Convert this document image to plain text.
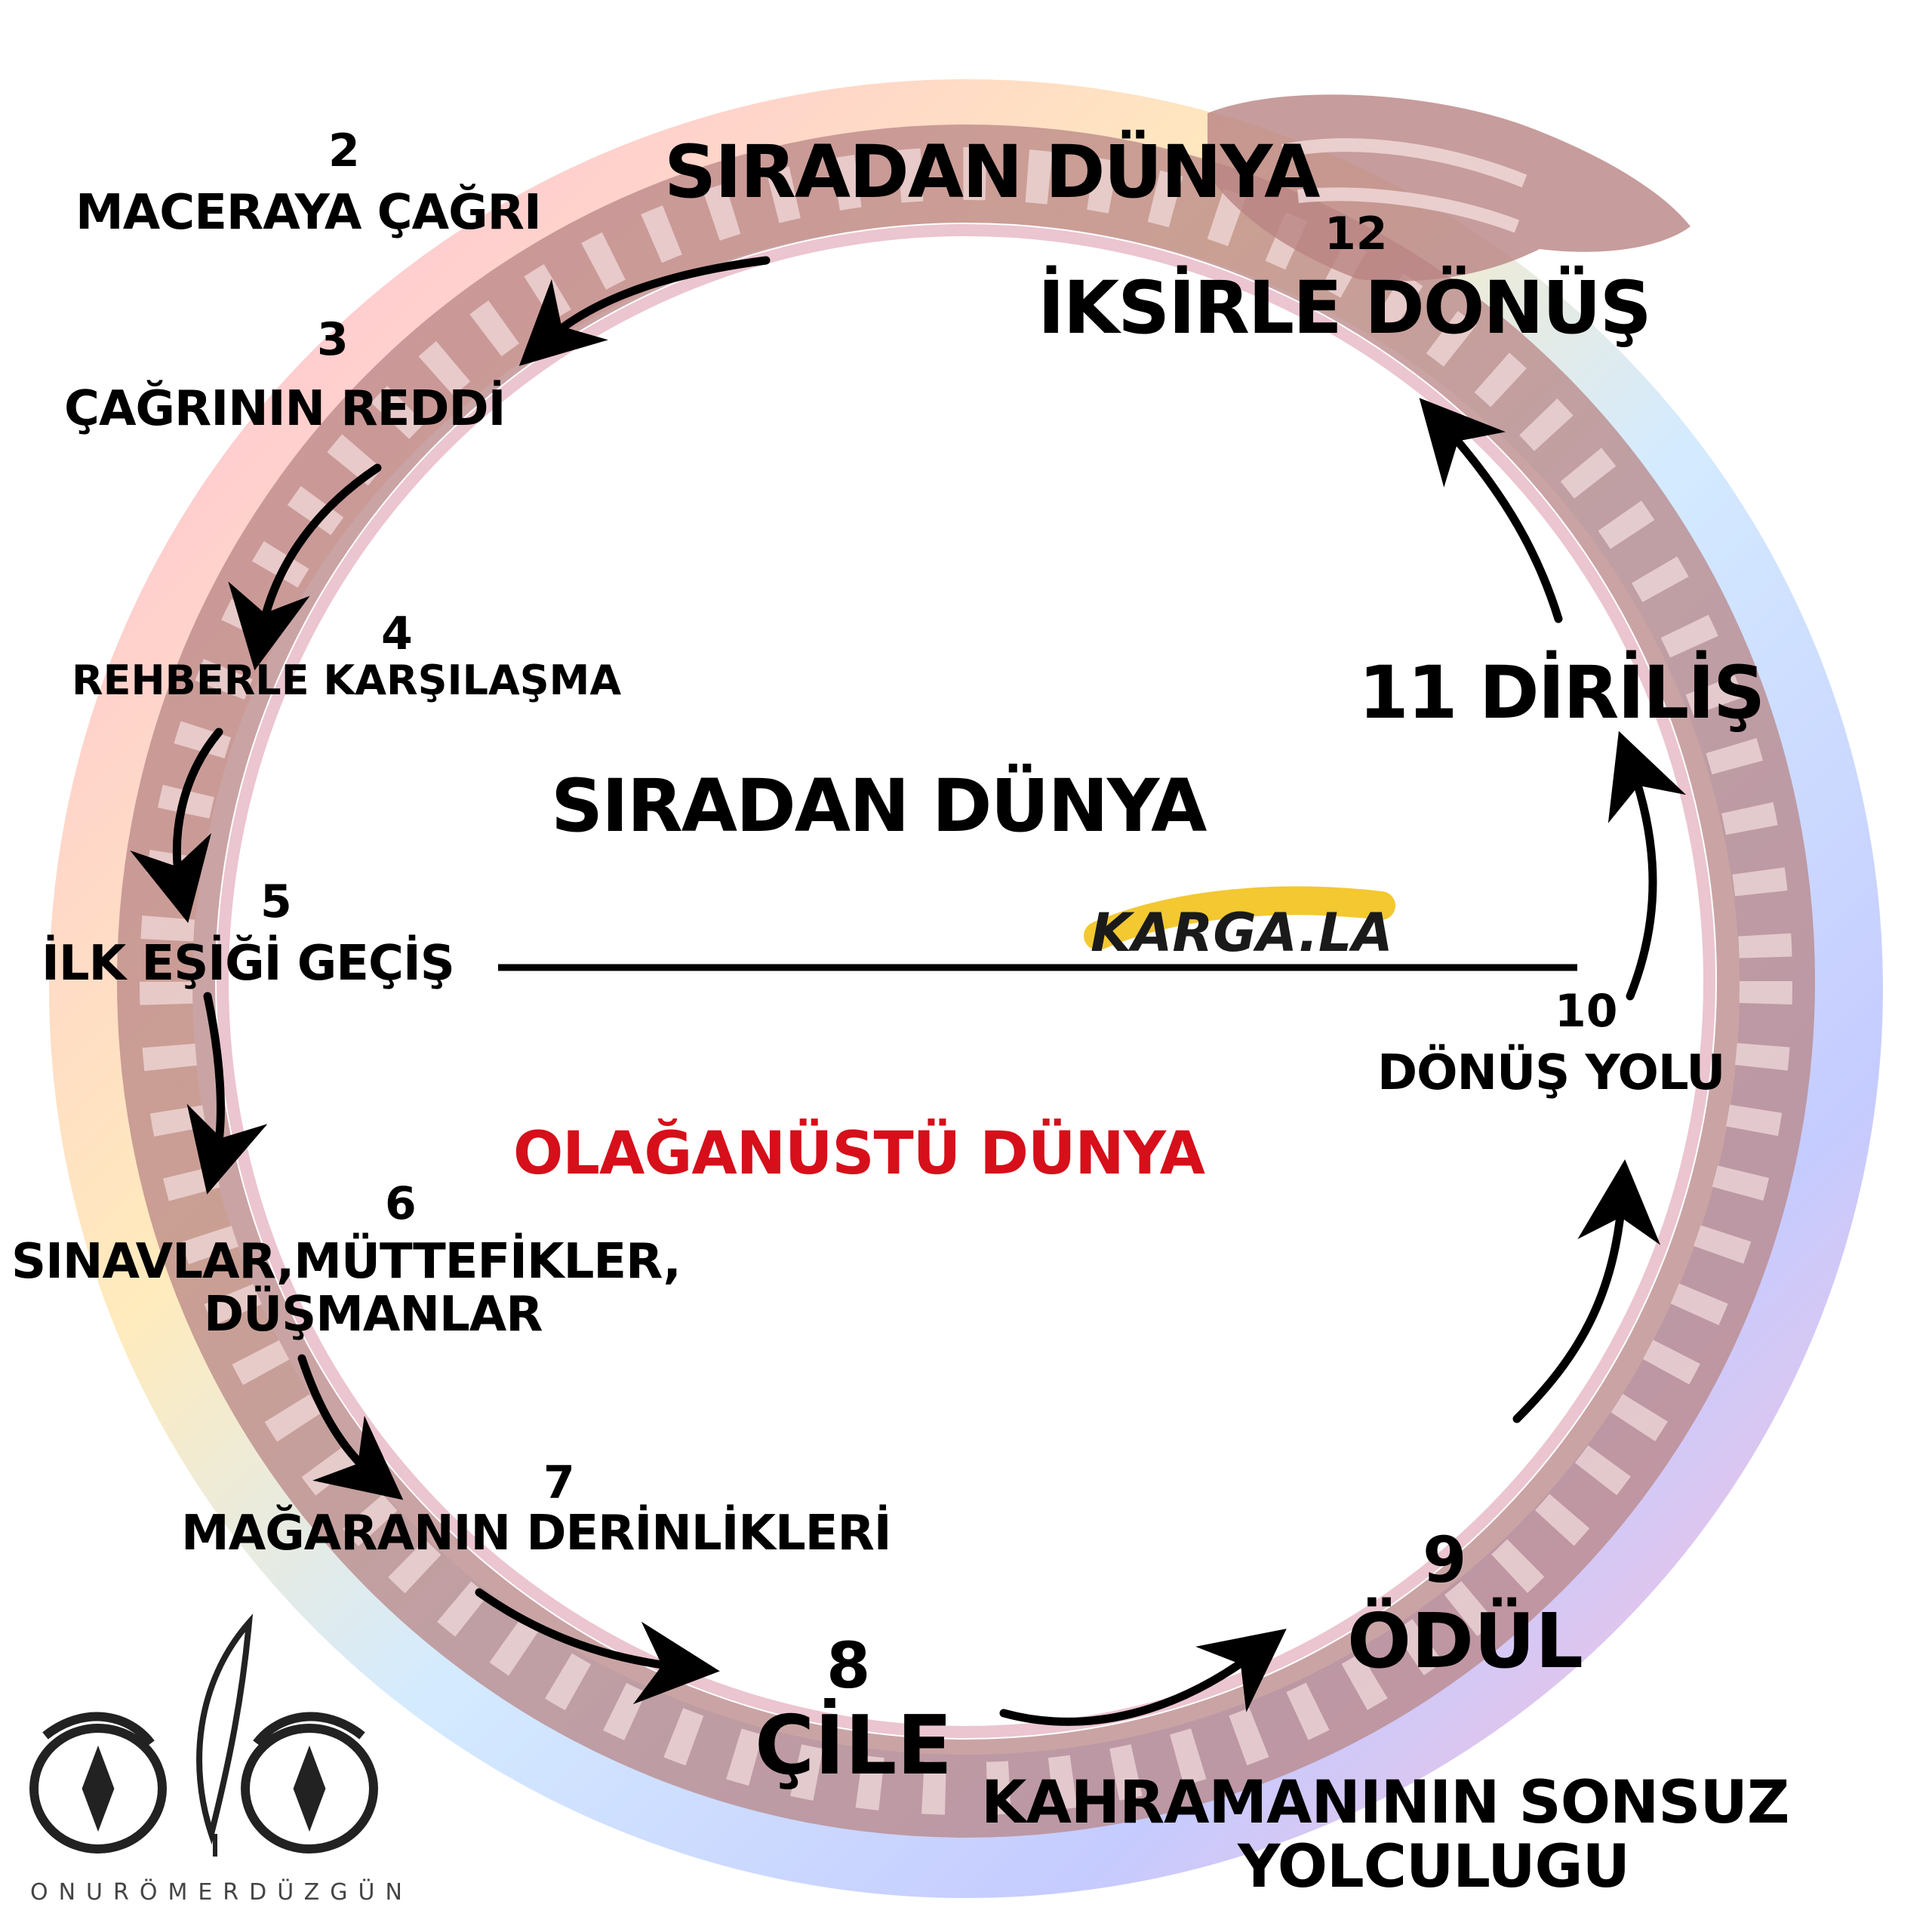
SIRADAN DÜNYA
SIRADAN DÜNYA
OLAĞANÜSTÜ DÜNYA
KARGA.LA
2
MACERAYA ÇAĞRI
3
ÇAĞRININ REDDİ
4
REHBERLE KARŞILAŞMA
5
İLK EŞİĞİ GEÇİŞ
6
SINAVLAR,MÜTTEFİKLER,
DÜŞMANLAR
7
MAĞARANIN DERİNLİKLERİ
8
ÇİLE
9
ÖDÜL
10
DÖNÜŞ YOLU
11 DİRİLİŞ
12
İKSİRLE DÖNÜŞ
KAHRAMANININ SONSUZ
YOLCULUGU
ONURÖMERDÜZGÜN
